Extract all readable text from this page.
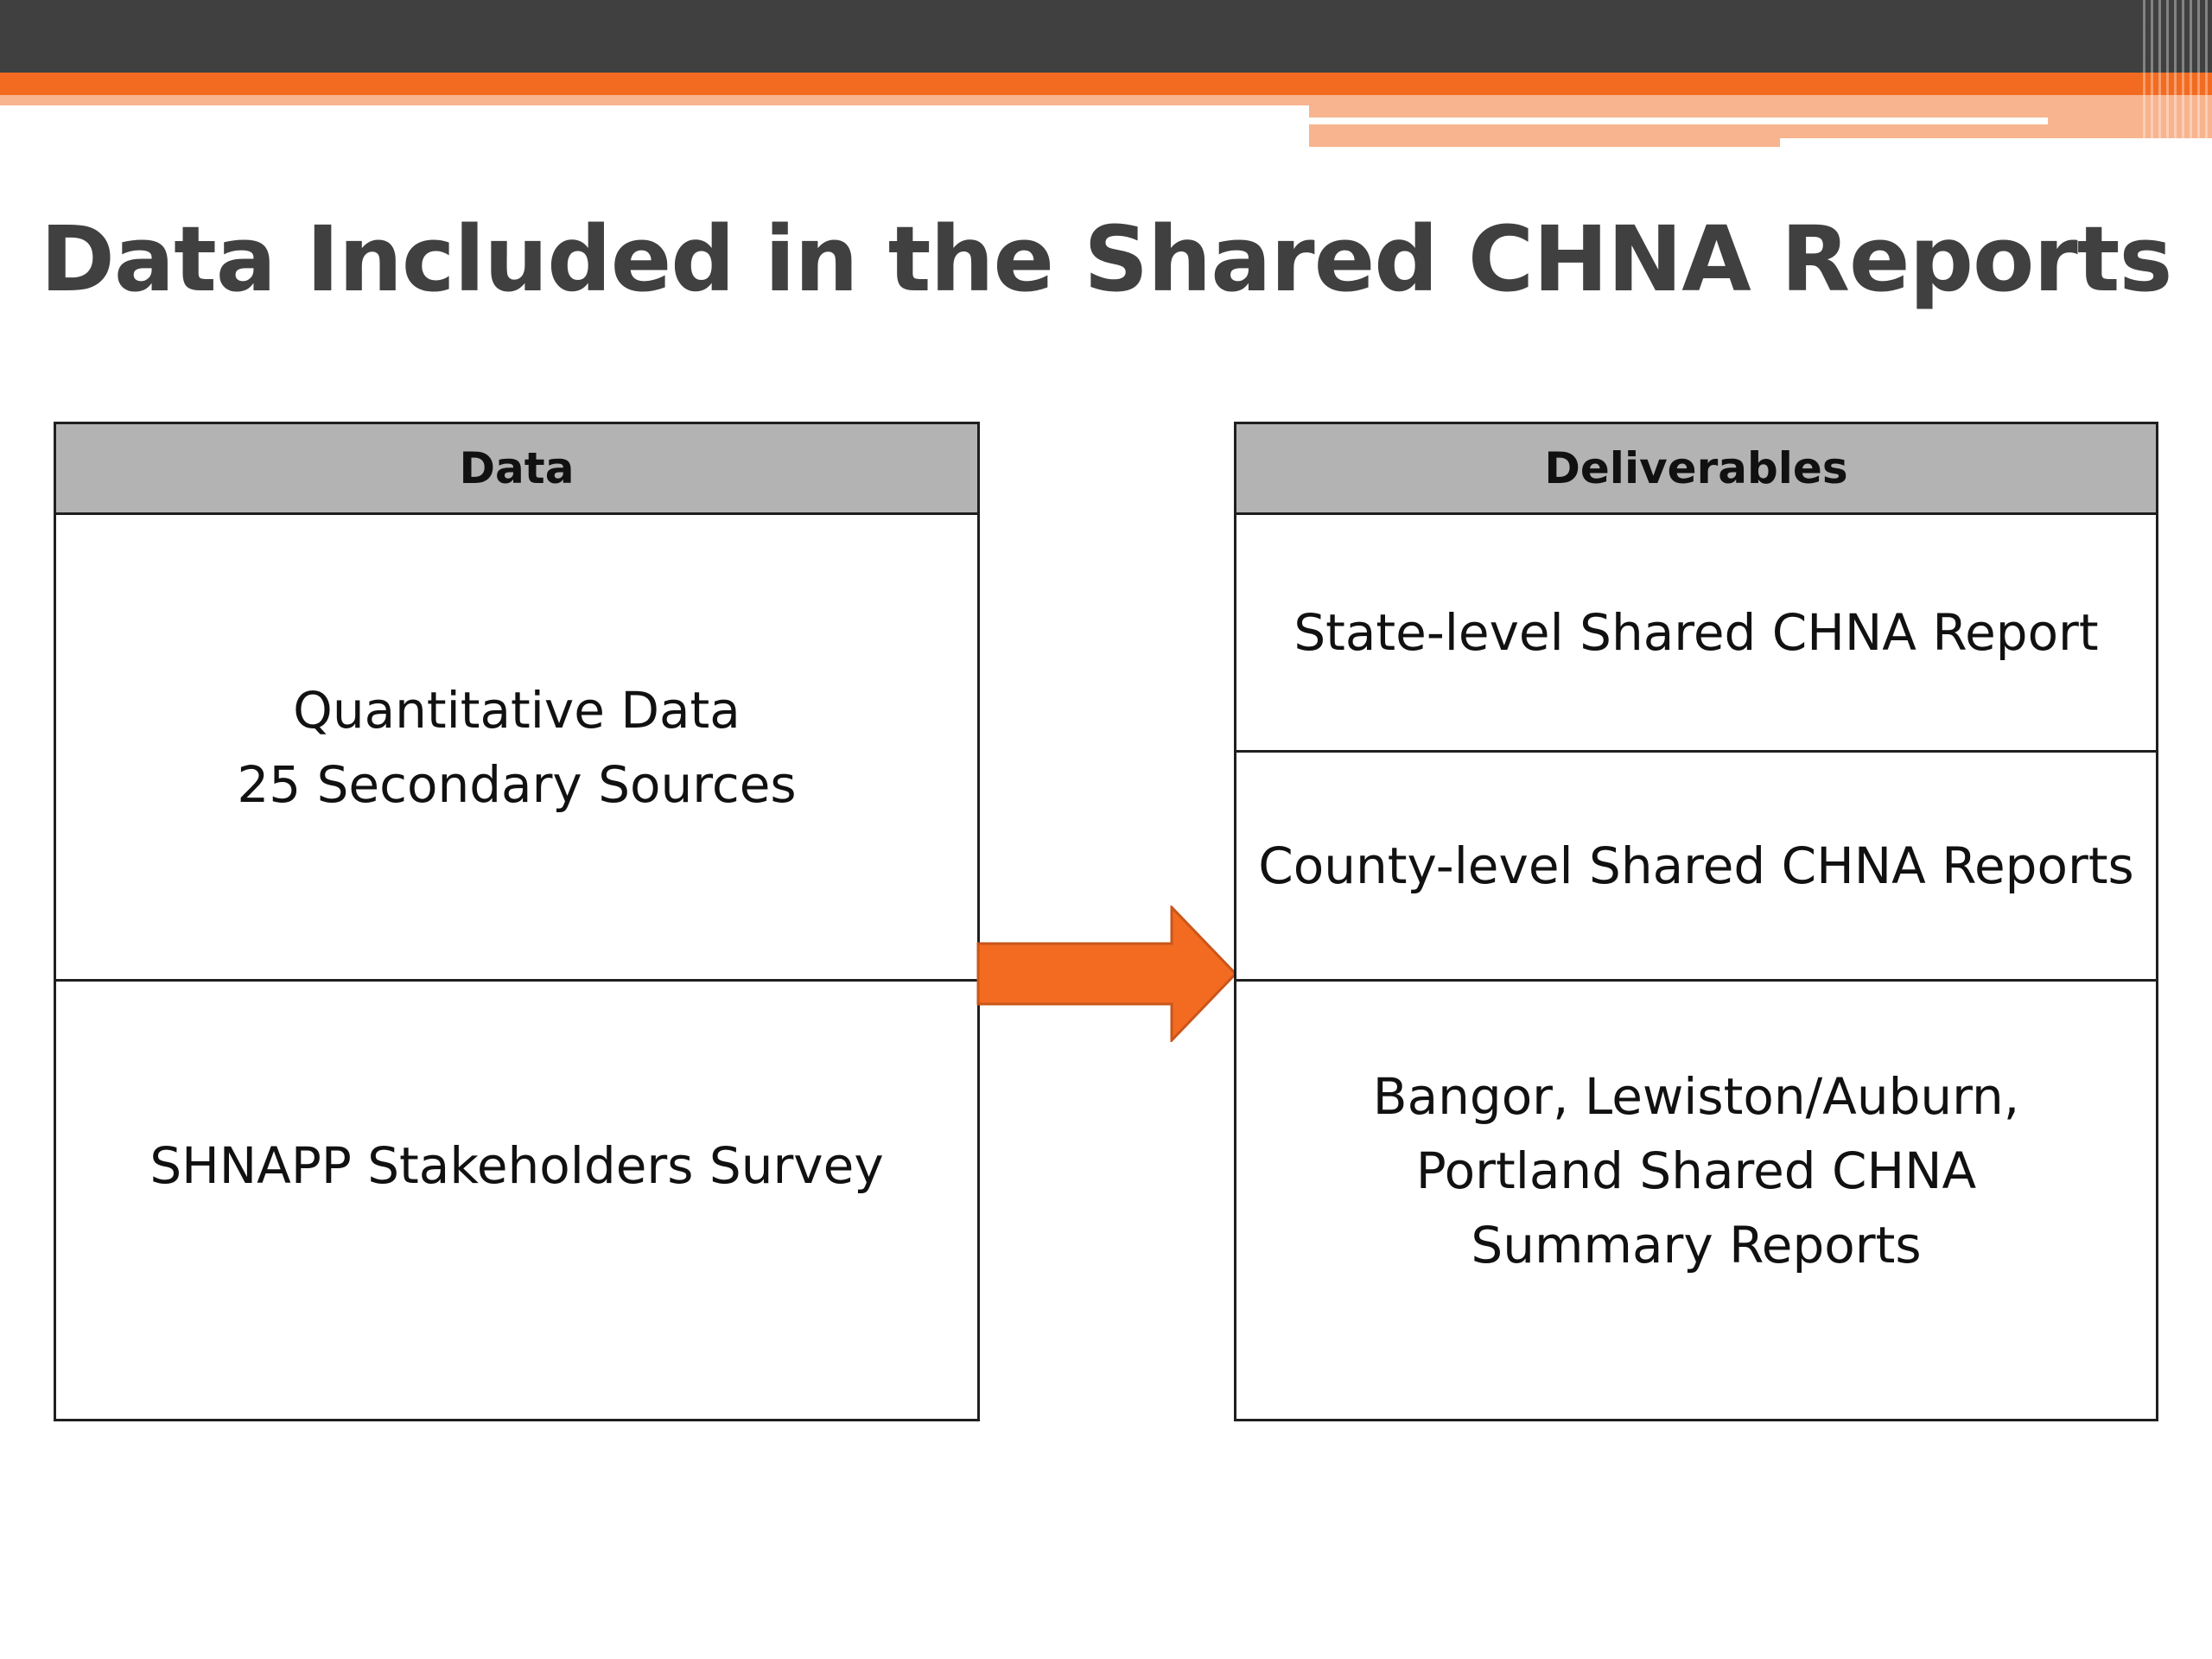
Data Included in the Shared CHNA Reports
Data
Quantitative Data
25 Secondary Sources
SHNAPP Stakeholders Survey
Deliverables
State-level Shared CHNA Report
County-level Shared CHNA Reports
Bangor, Lewiston/Auburn,
Portland Shared CHNA
Summary Reports
